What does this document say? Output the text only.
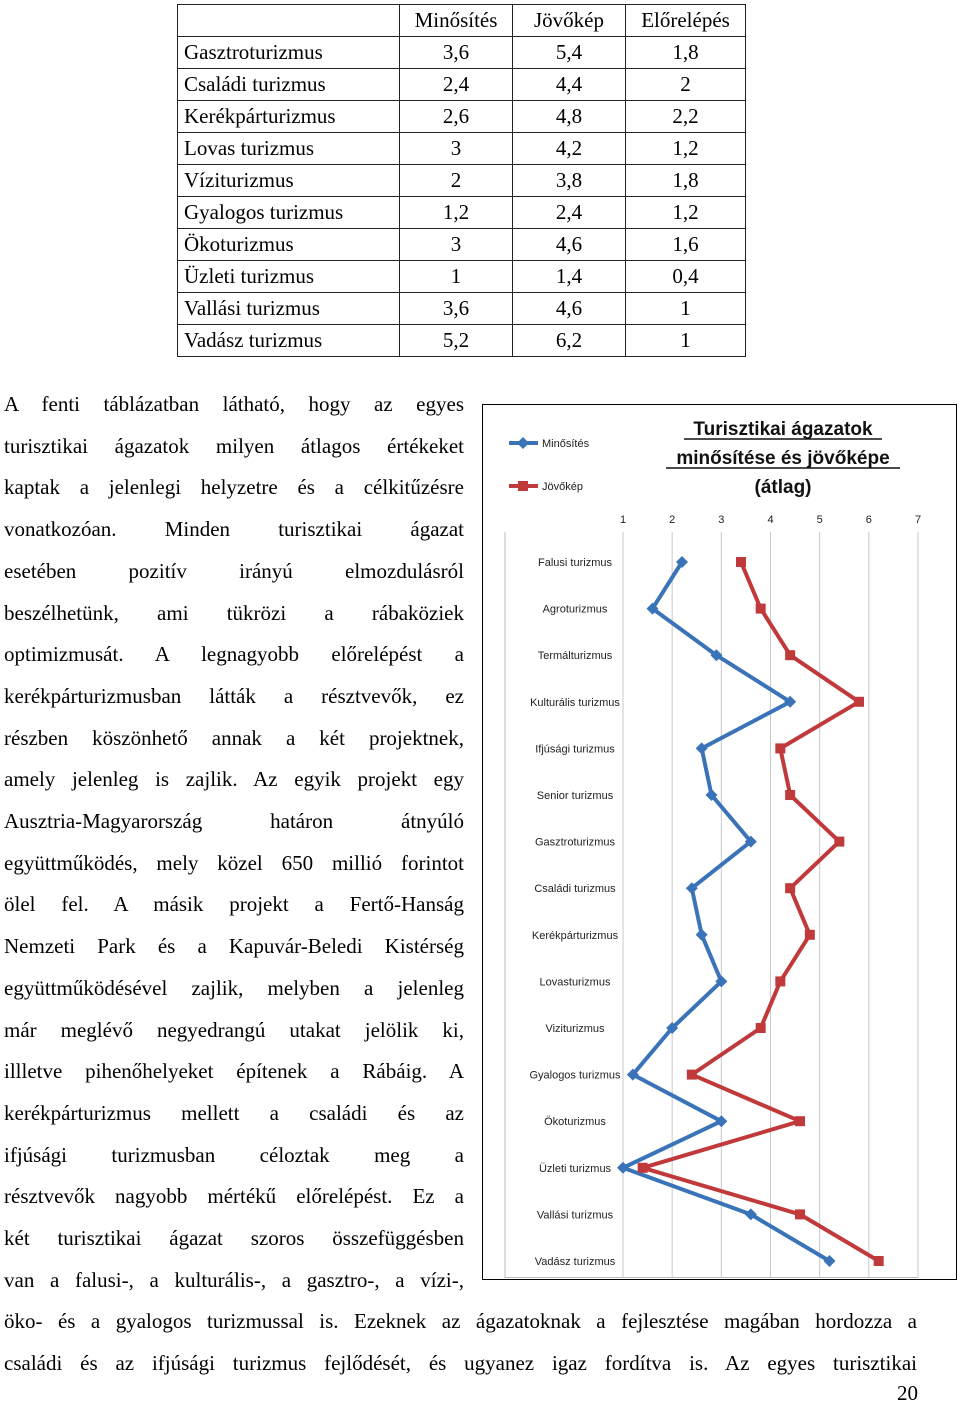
	Minősítés	Jövőkép	Előrelépés
Gasztroturizmus	3,6	5,4	1,8
Családi turizmus	2,4	4,4	2
Kerékpárturizmus	2,6	4,8	2,2
Lovas turizmus	3	4,2	1,2
Víziturizmus	2	3,8	1,8
Gyalogos turizmus	1,2	2,4	1,2
Ökoturizmus	3	4,6	1,6
Üzleti turizmus	1	1,4	0,4
Vallási turizmus	3,6	4,6	1
Vadász turizmus	5,2	6,2	1
A fenti táblázatban látható, hogy az egyes
turisztikai ágazatok milyen átlagos értékeket
kaptak a jelenlegi helyzetre és a célkitűzésre
vonatkozóan. Minden turisztikai ágazat
esetében pozitív irányú elmozdulásról
beszélhetünk, ami tükrözi a rábaköziek
optimizmusát. A legnagyobb előrelépést a
kerékpárturizmusban látták a résztvevők, ez
részben köszönhető annak a két projektnek,
amely jelenleg is zajlik. Az egyik projekt egy
Ausztria-Magyarország határon átnyúló
együttműködés, mely közel 650 millió forintot
ölel fel. A másik projekt a Fertő-Hanság
Nemzeti Park és a Kapuvár-Beledi Kistérség
együttműködésével zajlik, melyben a jelenleg
már meglévő negyedrangú utakat jelölik ki,
illletve pihenőhelyeket építenek a Rábáig. A
kerékpárturizmus mellett a családi és az
ifjúsági turizmusban céloztak meg a
résztvevők nagyobb mértékű előrelépést. Ez a
két turisztikai ágazat szoros összefüggésben
van a falusi-, a kulturális-, a gasztro-, a vízi-,
1	2	3	4	5	6	7
Falusi turizmus
Agroturizmus
Termálturizmus
Kulturális turizmus
Ifjúsági turizmus
Senior turizmus
Gasztroturizmus
Családi turizmus
Kerékpárturizmus
Lovasturizmus
Viziturizmus
Gyalogos turizmus
Ökoturizmus
Üzleti turizmus
Vallási turizmus
Vadász turizmus
Turisztikai ágazatok
minősítése és jövőképe
(átlag)
Minősítés
Jövőkép
öko- és a gyalogos turizmussal is. Ezeknek az ágazatoknak a fejlesztése magában hordozza a
családi és az ifjúsági turizmus fejlődését, és ugyanez igaz fordítva is. Az egyes turisztikai
20
